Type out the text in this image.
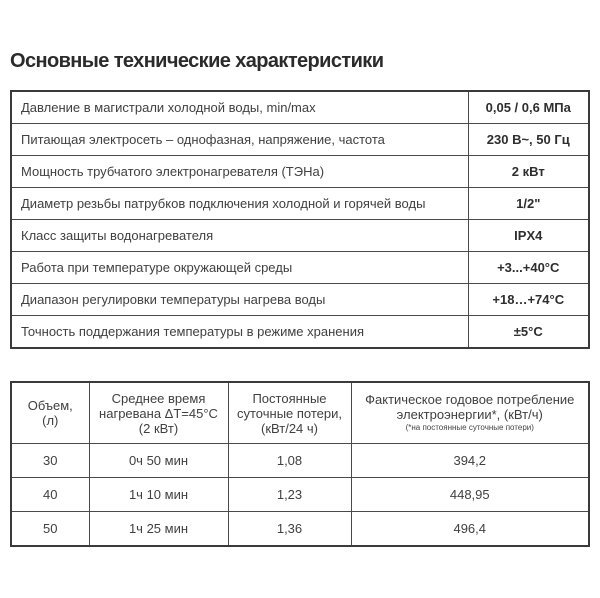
Основные технические характеристики
Давление в магистрали холодной воды, min/max	0,05 / 0,6 МПа
Питающая электросеть – однофазная, напряжение, частота	230 В~, 50 Гц
Мощность трубчатого электронагревателя (ТЭНа)	2 кВт
Диаметр резьбы патрубков подключения холодной и горячей воды	1/2"
Класс защиты водонагревателя	IPX4
Работа при температуре окружающей среды	+3...+40°С
Диапазон регулировки температуры нагрева воды	+18…+74°С
Точность поддержания температуры в режиме хранения	±5°С
Объем,
(л)	Среднее время
нагревана ΔТ=45°С
(2 кВт)	Постоянные
суточные потери,
(кВт/24 ч)	Фактическое годовое потребление
электроэнергии*, (кВт/ч)
(*на постоянные суточные потери)

30	0ч 50 мин	1,08	394,2
40	1ч 10 мин	1,23	448,95
50	1ч 25 мин	1,36	496,4
